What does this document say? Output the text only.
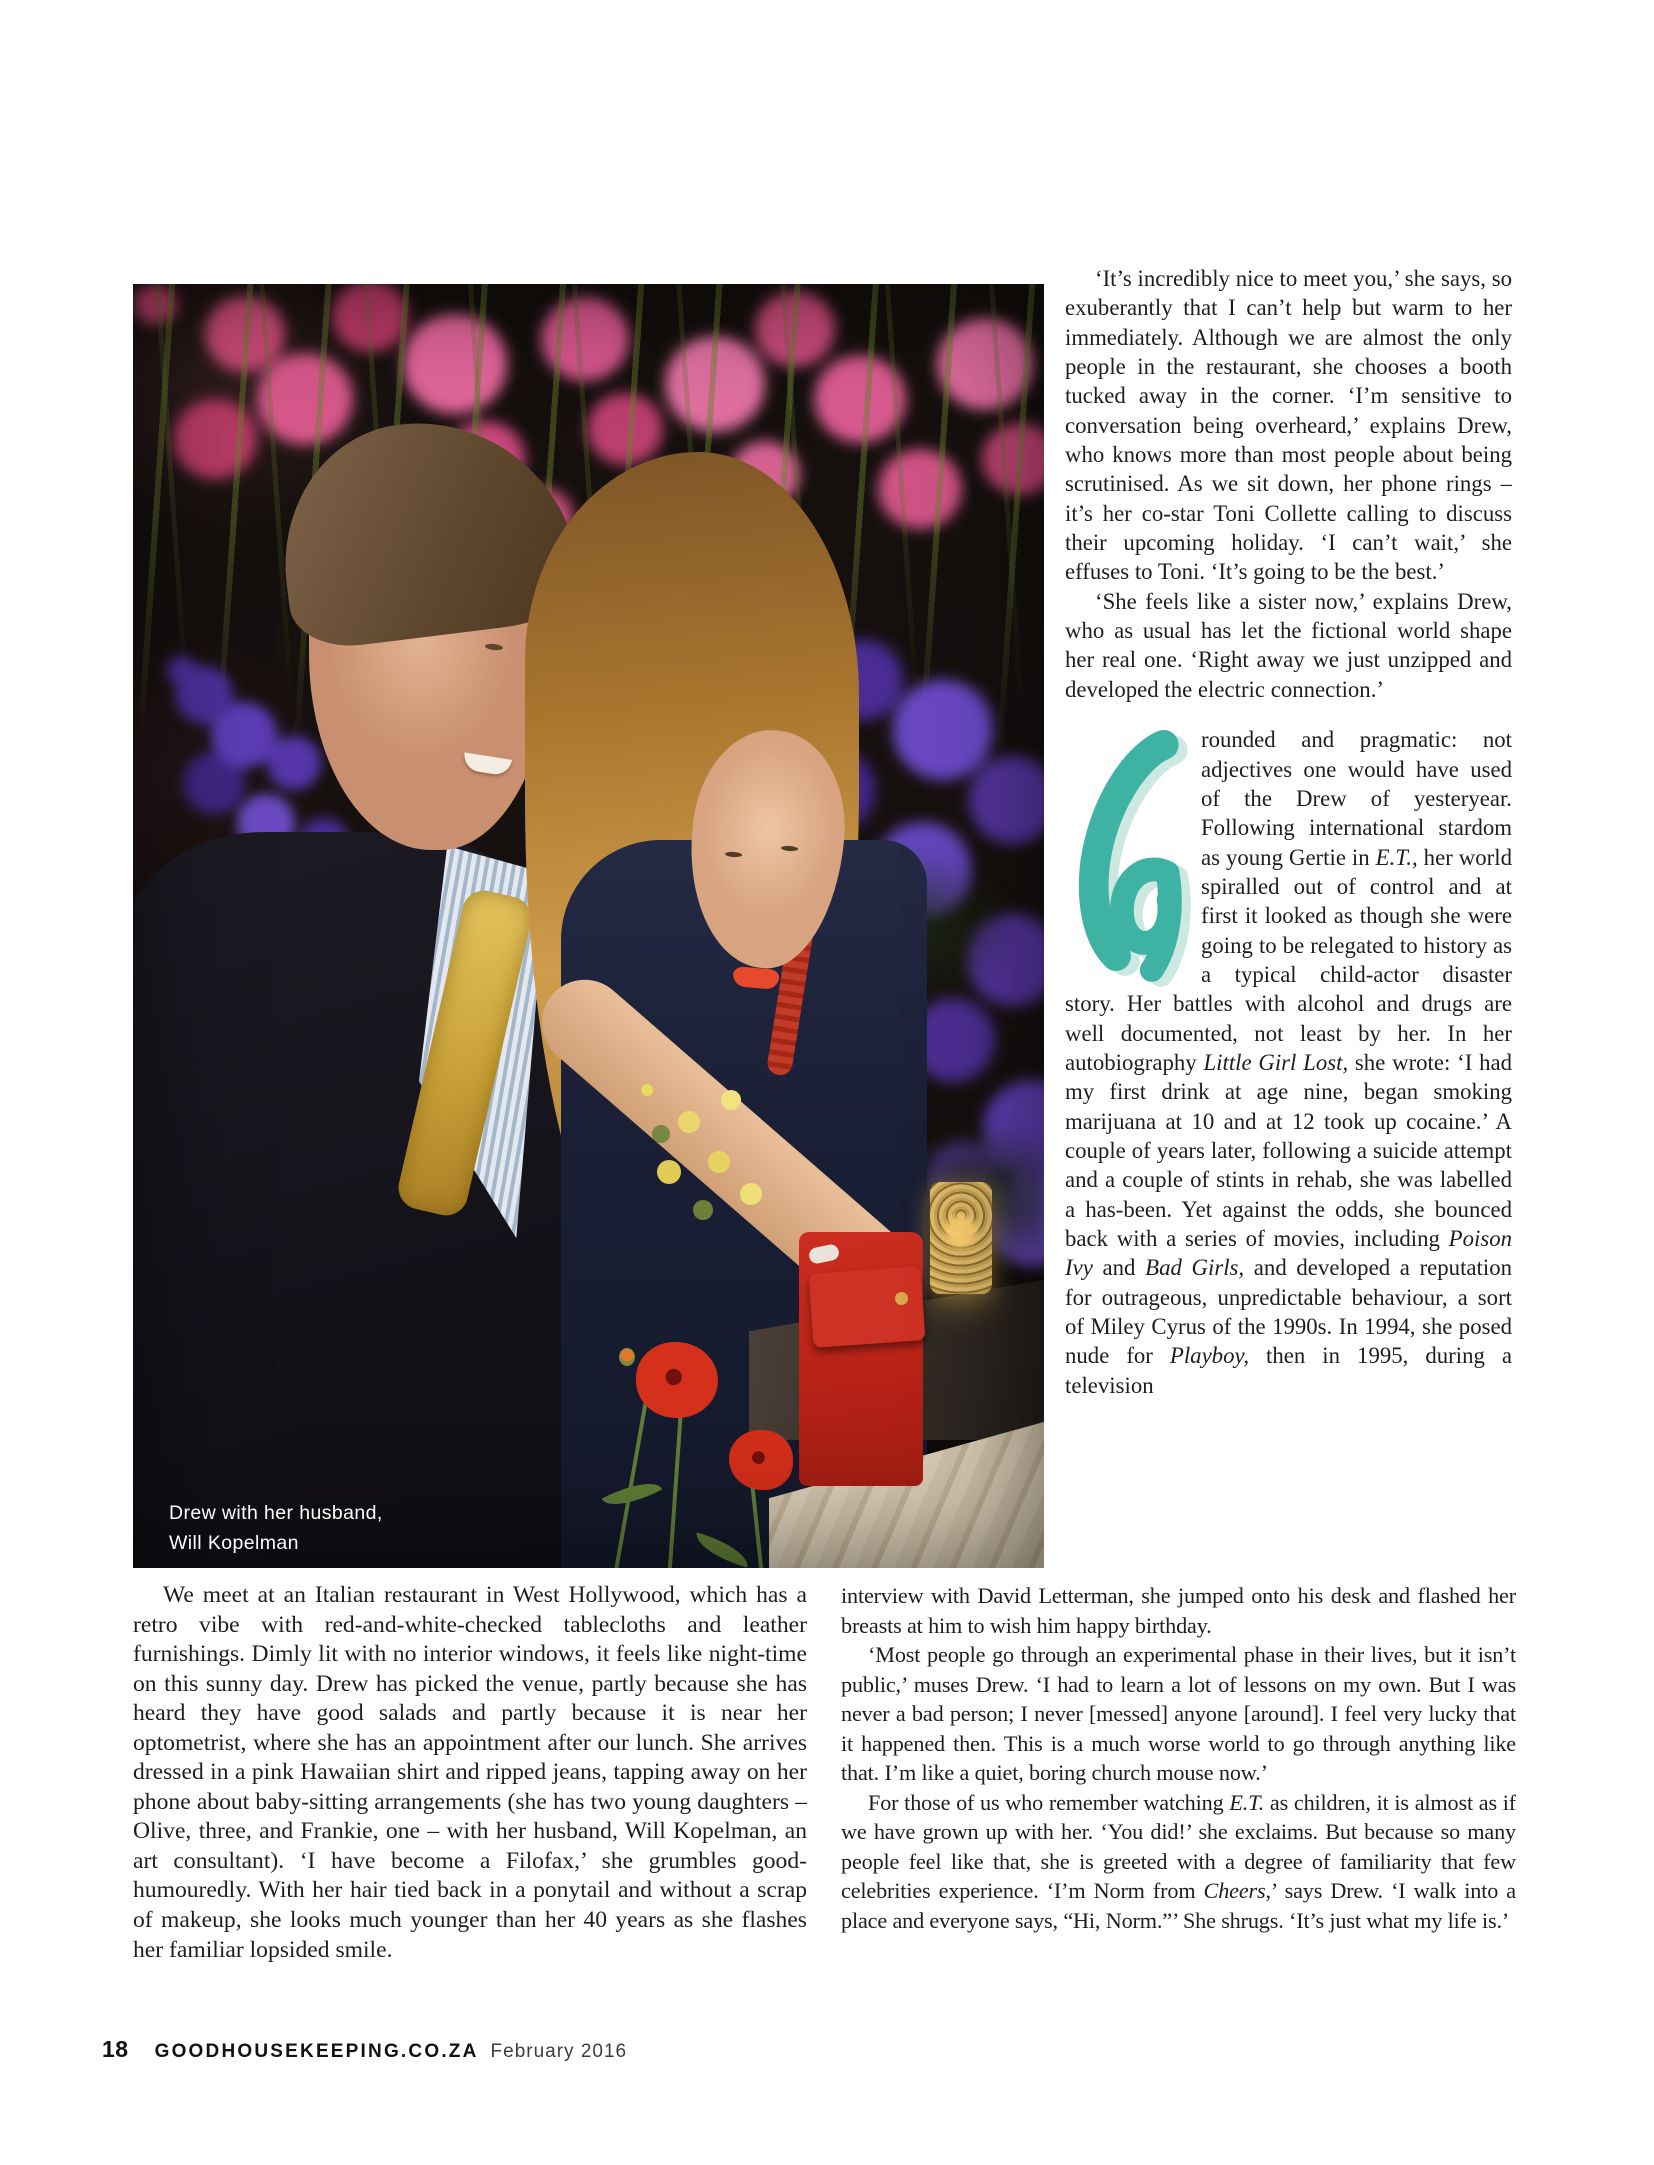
Drew with her husband,
Will Kopelman

‘It’s incredibly nice to meet you,’ she says, so exuberantly that I can’t help but warm to her immediately. Although we are almost the only people in the restaurant, she chooses a booth tucked away in the corner. ‘I’m sensitive to conversation being overheard,’ explains Drew, who knows more than most people about being scrutinised. As we sit down, her phone rings – it’s her co-star Toni Collette calling to discuss their upcoming holiday. ‘I can’t wait,’ she effuses to Toni. ‘It’s going to be the best.’

‘She feels like a sister now,’ explains Drew, who as usual has let the fictional world shape her real one. ‘Right away we just unzipped and developed the electric connection.’

rounded and pragmatic: not adjectives one would have used of the Drew of yesteryear. Following international stardom as young Gertie in E.T., her world spiralled out of control and at first it looked as though she were going to be relegated to history as a typical child-actor disaster story. Her battles with alcohol and drugs are well documented, not least by her. In her autobiography Little Girl Lost, she wrote: ‘I had my first drink at age nine, began smoking marijuana at 10 and at 12 took up cocaine.’ A couple of years later, following a suicide attempt and a couple of stints in rehab, she was labelled a has-been. Yet against the odds, she bounced back with a series of movies, including Poison Ivy and Bad Girls, and developed a reputation for outrageous, unpredictable behaviour, a sort of Miley Cyrus of the 1990s. In 1994, she posed nude for Playboy, then in 1995, during a television

We meet at an Italian restaurant in West Hollywood, which has a retro vibe with red-and-white-checked tablecloths and leather furnishings. Dimly lit with no interior windows, it feels like night-time on this sunny day. Drew has picked the venue, partly because she has heard they have good salads and partly because it is near her optometrist, where she has an appointment after our lunch. She arrives dressed in a pink Hawaiian shirt and ripped jeans, tapping away on her phone about baby-sitting arrangements (she has two young daughters – Olive, three, and Frankie, one – with her husband, Will Kopelman, an art consultant). ‘I have become a Filofax,’ she grumbles good-humouredly. With her hair tied back in a ponytail and without a scrap of makeup, she looks much younger than her 40 years as she flashes her familiar lopsided smile.

interview with David Letterman, she jumped onto his desk and flashed her breasts at him to wish him happy birthday.

‘Most people go through an experimental phase in their lives, but it isn’t public,’ muses Drew. ‘I had to learn a lot of lessons on my own. But I was never a bad person; I never [messed] anyone [around]. I feel very lucky that it happened then. This is a much worse world to go through anything like that. I’m like a quiet, boring church mouse now.’

For those of us who remember watching E.T. as children, it is almost as if we have grown up with her. ‘You did!’ she exclaims. But because so many people feel like that, she is greeted with a degree of familiarity that few celebrities experience. ‘I’m Norm from Cheers,’ says Drew. ‘I walk into a place and everyone says, “Hi, Norm.”’ She shrugs. ‘It’s just what my life is.’

18 GOODHOUSEKEEPING.CO.ZA February 2016
